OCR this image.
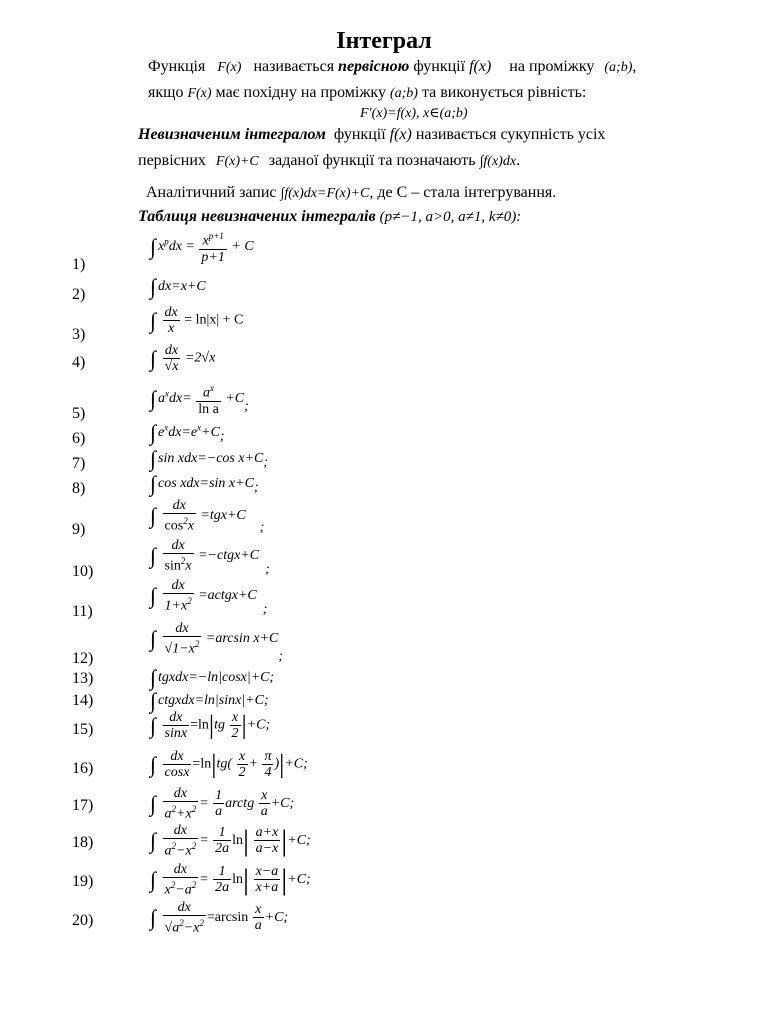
Інтеграл
Функція F(x) називається первісною функції f(x) на проміжку (a;b),
якщо F(x) має похідну на проміжку (a;b) та виконується рівність:
F′(x)=f(x), x∈(a;b)
Невизначеним інтегралом функції f(x) називається сукупність усіх
первісних F(x)+C заданої функції та позначають ∫f(x)dx.
Аналітичний запис ∫f(x)dx=F(x)+C, де С – стала інтегрування.
Таблиця невизначених інтегралів (p≠−1, a>0, a≠1, k≠0):
1)
2)
3)
4)
5)
6)
7)
8)
9)
10)
11)
12)
13)
14)
15)
16)
17)
18)
19)
20)
∫ $x^pdx = \frac{x^{p+1}}{p+1} + C$
∫ dx=x+C
∫ $\frac{dx}{x} = \ln|x| + C$
∫ $\frac{dx}{√x} =2√x$
∫ $a^xdx= \frac{a^x}{\text{ln a}} +C$;
∫ $e^xdx=e^x+C$;
∫ sin xdx=−cos x+C;
∫ cos xdx=sin x+C;
∫ $\frac{dx}{\cos^2x} =tgx+C$;
∫ $\frac{dx}{\sin^2x}$ =−ctgx+C;
∫ $\frac{dx}{1+x^2}$ =actgx+C;
∫ $\frac{dx}{√1-x^2} =\arcsin$ x+C;
∫ tgxdx=−ln|cosx|+C;
∫ ctgxdx=ln|sinx|+C;
∫ $\frac{dx}{\sin x} =\ln|tg \frac{x}{2} |+C$;
∫ $\frac{dx}{\cos x} =\ln|tg( \frac{x}{2} + \frac{\pi}{4} )|+C$;
∫ $\frac{dx}{a^2+x^2} = \frac{1}{a}$ arctg $\frac{x}{a} +C$;
∫ $\frac{dx}{a^2-x^2} = \frac{1}{2a} \ln| \frac{a+x}{a-x} |+C$;
∫ $\frac{dx}{x^2-a^2} = \frac{1}{2a} \ln| \frac{x-a}{x+a} |+C$;
∫ $\frac{dx}{√a^2-x^2} =\arcsin \frac{x}{a} +C$;
